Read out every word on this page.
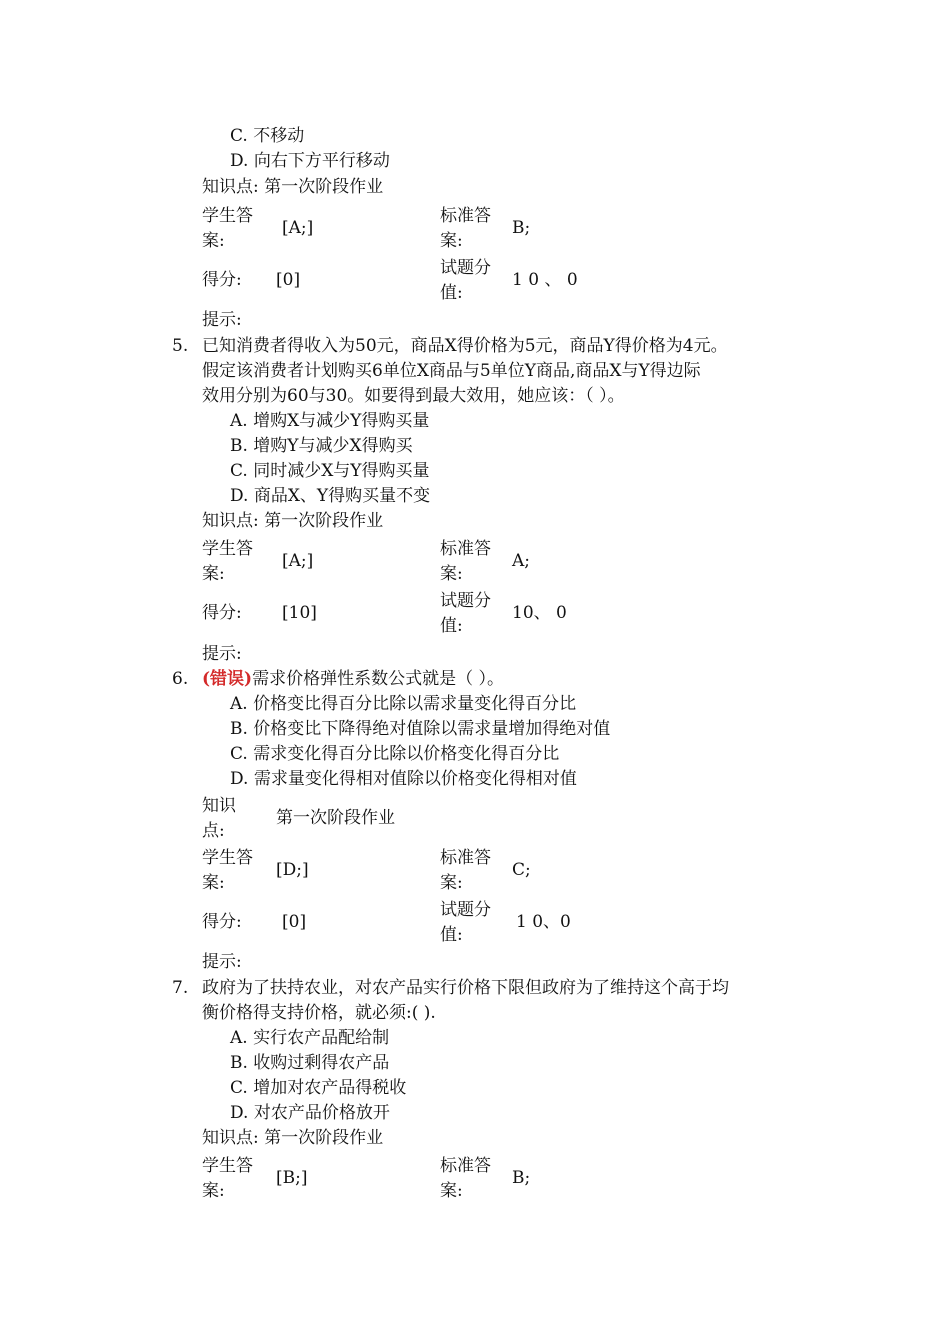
C. 不移动
D. 向右下方平行移动
知识点: 第一次阶段作业
学生答
案:
[A;]
标准答
案:
B;
得分: [0]
试题分
值:
1 0 、 0
提示:
5. 已知消费者得收入为50元，商品X得价格为5元，商品Y得价格为4元。
假定该消费者计划购买6单位X商品与5单位Y商品,商品X与Y得边际
效用分别为60与30。如要得到最大效用，她应该：（ ）。
A. 增购X与减少Y得购买量
B. 增购Y与减少X得购买
C. 同时减少X与Y得购买量
D. 商品X、Y得购买量不变
知识点: 第一次阶段作业
学生答
案:
[A;]
标准答
案:
A;
得分: [10]
试题分
值:
10、 0
提示:
6. (错误)需求价格弹性系数公式就是（ ）。
A. 价格变比得百分比除以需求量变化得百分比
B. 价格变比下降得绝对值除以需求量增加得绝对值
C. 需求变化得百分比除以价格变化得百分比
D. 需求量变化得相对值除以价格变化得相对值
知识
点:
第一次阶段作业
学生答
案:
[D;]
标准答
案:
C;
得分: [0]
试题分
值:
1 0、0
提示:
7. 政府为了扶持农业，对农产品实行价格下限但政府为了维持这个高于均
衡价格得支持价格，就必须:( ).
A. 实行农产品配给制
B. 收购过剩得农产品
C. 增加对农产品得税收
D. 对农产品价格放开
知识点: 第一次阶段作业
学生答
案:
[B;]
标准答
案:
B;
